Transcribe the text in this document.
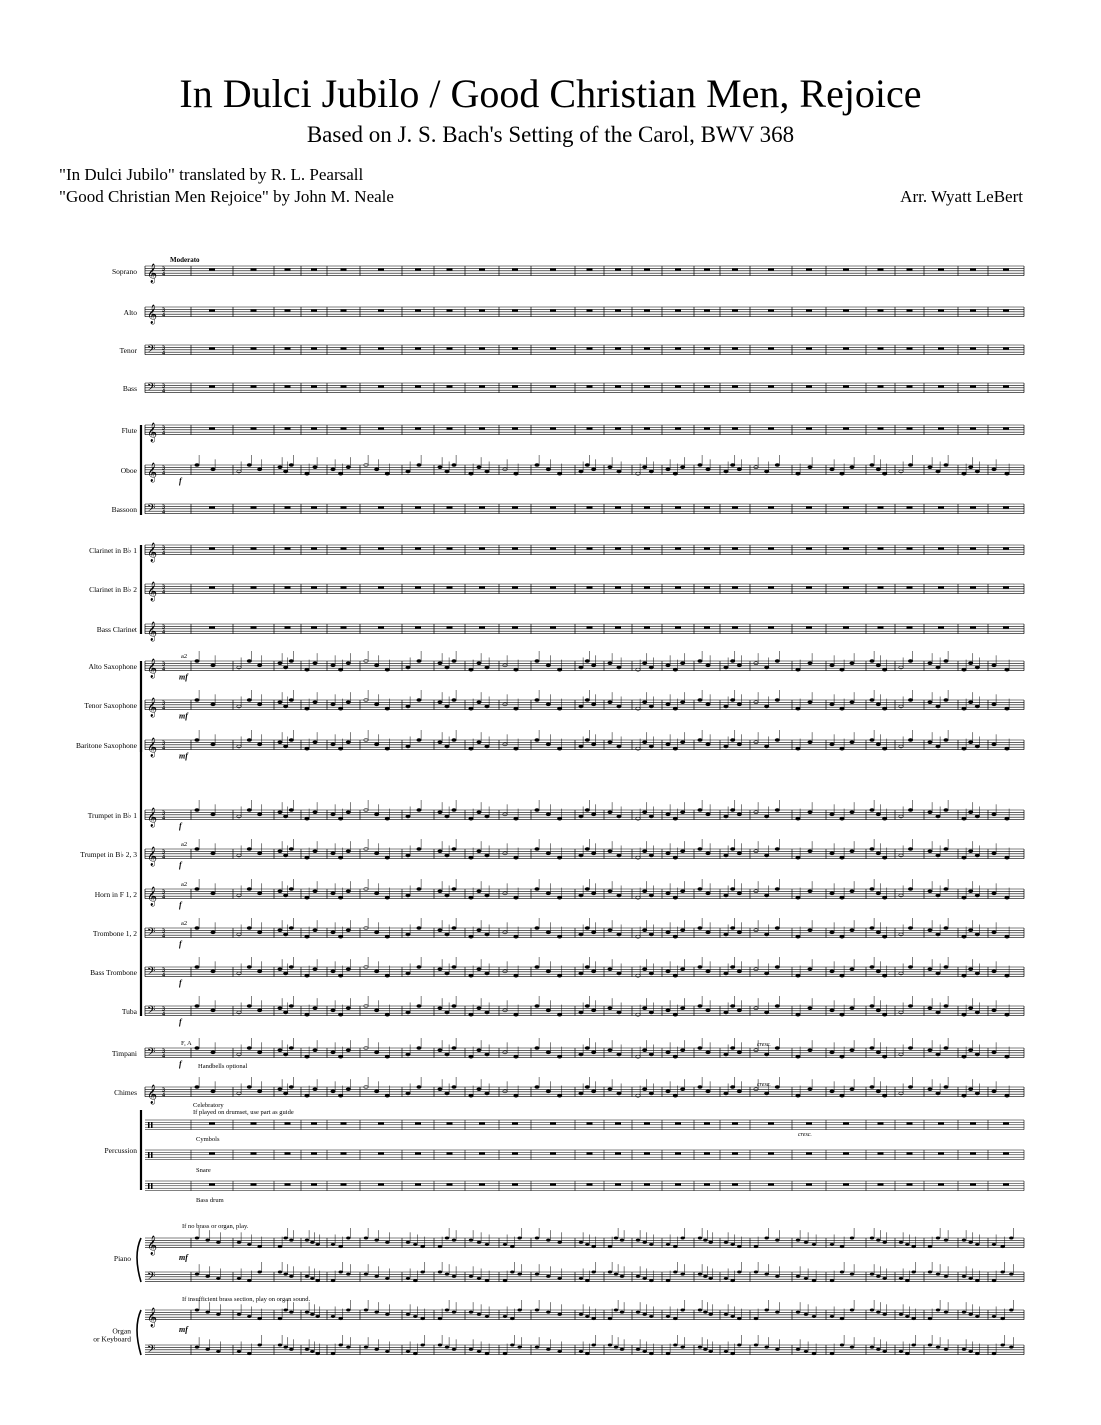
In Dulci Jubilo / Good Christian Men, Rejoice
Based on J. S. Bach's Setting of the Carol, BWV 368
"In Dulci Jubilo" translated by R. L. Pearsall
"Good Christian Men Rejoice" by John M. Neale	Arr. Wyatt LeBert
𝄞 3
4
Soprano
𝄞 3
4
Alto
𝄢 3
4
Tenor
𝄢 3
4
Bass
𝄞 3
4
Flute
𝄞 3
4
Oboe
f
𝄢 3
4
Bassoon
𝄞 3
4
Clarinet in B♭ 1
𝄞 3
4
Clarinet in B♭ 2
𝄞 3
4
Bass Clarinet
𝄞 3
4
Alto Saxophone
mf
a2
𝄞 3
4
Tenor Saxophone
mf
𝄞 3
4
Baritone Saxophone
mf
𝄞 3
4
Trumpet in B♭ 1
f
𝄞 3
4
Trumpet in B♭ 2, 3
f
a2
𝄞 3
4
Horn in F 1, 2
f
a2
𝄢 3
4
Trombone 1, 2
f
a2
𝄢 3
4
Bass Trombone
f
𝄢 3
4
Tuba
f
𝄢 3
4
Timpani
f
F, A
𝄞 3
4
Chimes
Moderato
Handbells optional
Celebratory
If played on drumset, use part as guide
Cymbols
Snare
Bass drum
If no brass or organ, play.
If insufficient brass section, play on organ sound.
cresc.
cresc.
cresc.
Percussion
𝄞
𝄢
Piano	mf
𝄞
𝄢
Organ
or Keyboard
mf
